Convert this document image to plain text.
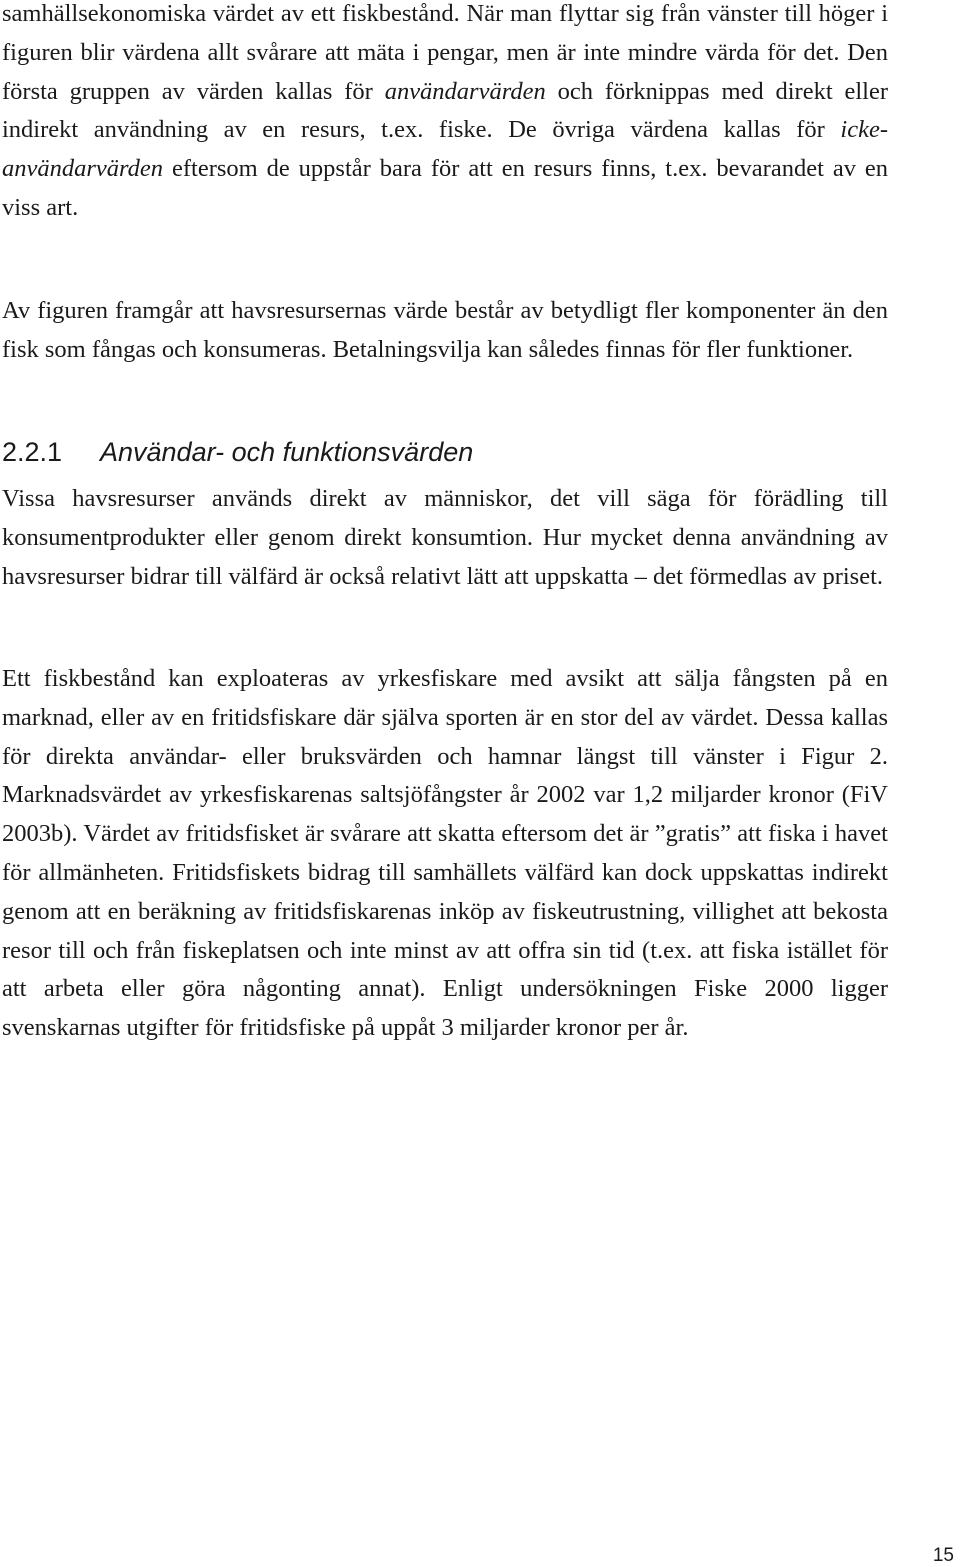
samhällsekonomiska värdet av ett fiskbestånd. När man flyttar sig från vänster till höger i figuren blir värdena allt svårare att mäta i pengar, men är inte mindre värda för det. Den första gruppen av värden kallas för användarvärden och förknippas med direkt eller indirekt användning av en resurs, t.ex. fiske. De övriga värdena kallas för icke-användarvärden eftersom de uppstår bara för att en resurs finns, t.ex. bevarandet av en viss art.

Av figuren framgår att havsresursernas värde består av betydligt fler komponenter än den fisk som fångas och konsumeras. Betalningsvilja kan således finnas för fler funktioner.

2.2.1 Användar- och funktionsvärden

Vissa havsresurser används direkt av människor, det vill säga för förädling till konsumentprodukter eller genom direkt konsumtion. Hur mycket denna användning av havsresurser bidrar till välfärd är också relativt lätt att uppskatta – det förmedlas av priset.

Ett fiskbestånd kan exploateras av yrkesfiskare med avsikt att sälja fångsten på en marknad, eller av en fritidsfiskare där själva sporten är en stor del av värdet. Dessa kallas för direkta användar- eller bruksvärden och hamnar längst till vänster i Figur 2. Marknadsvärdet av yrkesfiskarenas saltsjöfångster år 2002 var 1,2 miljarder kronor (FiV 2003b). Värdet av fritidsfisket är svårare att skatta eftersom det är ”gratis” att fiska i havet för allmänheten. Fritidsfiskets bidrag till samhällets välfärd kan dock uppskattas indirekt genom att en beräkning av fritidsfiskarenas inköp av fiskeutrustning, villighet att bekosta resor till och från fiskeplatsen och inte minst av att offra sin tid (t.ex. att fiska istället för att arbeta eller göra någonting annat). Enligt undersökningen Fiske 2000 ligger svenskarnas utgifter för fritidsfiske på uppåt 3 miljarder kronor per år.

15
